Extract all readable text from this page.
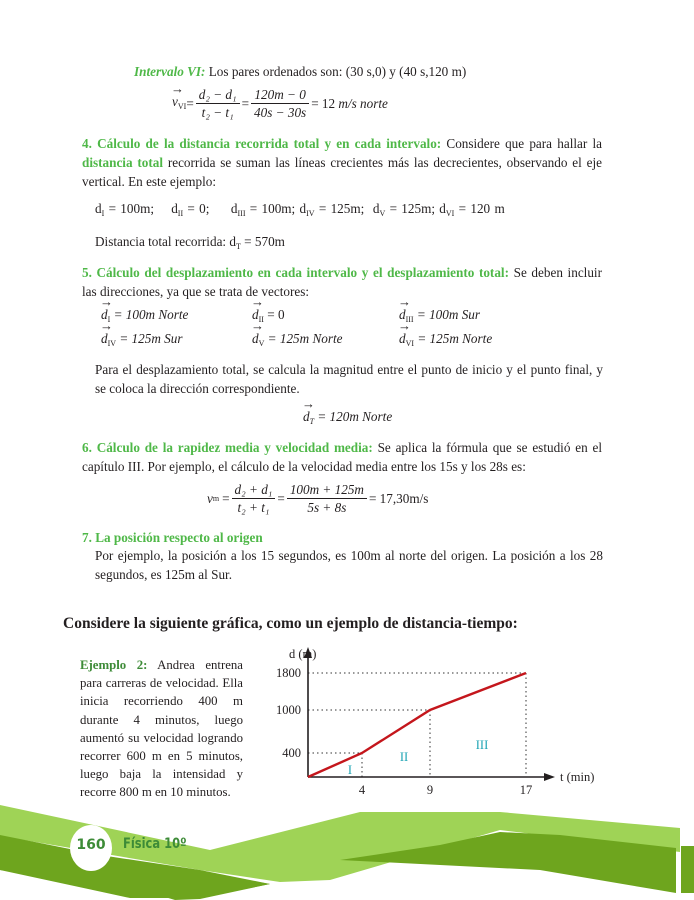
Intervalo VI: Los pares ordenados son: (30 s,0) y (40 s,120 m)
→ $v_{VI} = \frac{\text{d₂ − d₁}}{\text{t₂ − t₁}} = \frac{120m - 0}{40s - 30s} = 12$ m/s norte
4. Cálculo de la distancia recorrida total y en cada intervalo: Considere que para hallar la distancia total recorrida se suman las líneas crecientes más las decrecientes, observando el eje vertical. En este ejemplo:
$d_I = 100m$; $d_{II} = 0$; $d_{III} = 100m$; $d_{IV} = 125m$; $d_V = 125m$; $d_{VI} = 120$ m
Distancia total recorrida: $d_T = 570m$
5. Cálculo del desplazamiento en cada intervalo y el desplazamiento total: Se deben incluir las direcciones, ya que se trata de vectores:
→ $d_I = 100m$ Norte	→ $d_{II} = 0$	→ $d_{III} = 100m$ Sur
→ $d_{IV} = 125m$ Sur	→ $d_V = 125m$ Norte	→ $d_{VI} = 125m$ Norte
Para el desplazamiento total, se calcula la magnitud entre el punto de inicio y el punto final, y se coloca la dirección correspondiente.
→ $d_T = 120m$ Norte
6. Cálculo de la rapidez media y velocidad media: Se aplica la fórmula que se estudió en el capítulo III. Por ejemplo, el cálculo de la velocidad media entre los 15s y los 28s es:
v $m = \frac{\text{d₂ + d₁}}{\text{t₂ + t₁}} = \frac{100m + 125m}{5s + 8s} = 17,30m/s$
7. La posición respecto al origen
Por ejemplo, la posición a los 15 segundos, es 100m al norte del origen. La posición a los 28 segundos, es 125m al Sur.
Considere la siguiente gráfica, como un ejemplo de distancia-tiempo:
Ejemplo 2: Andrea entrena para carreras de velocidad. Ella inicia recorriendo 400 m durante 4 minutos, luego aumentó su velocidad logrando recorrer 600 m en 5 minutos, luego baja la intensidad y recorre 800 m en 10 minutos.
d (m)
1800
1000
400
4	9	17
t (min)
I
II
III
160	Física 10º
